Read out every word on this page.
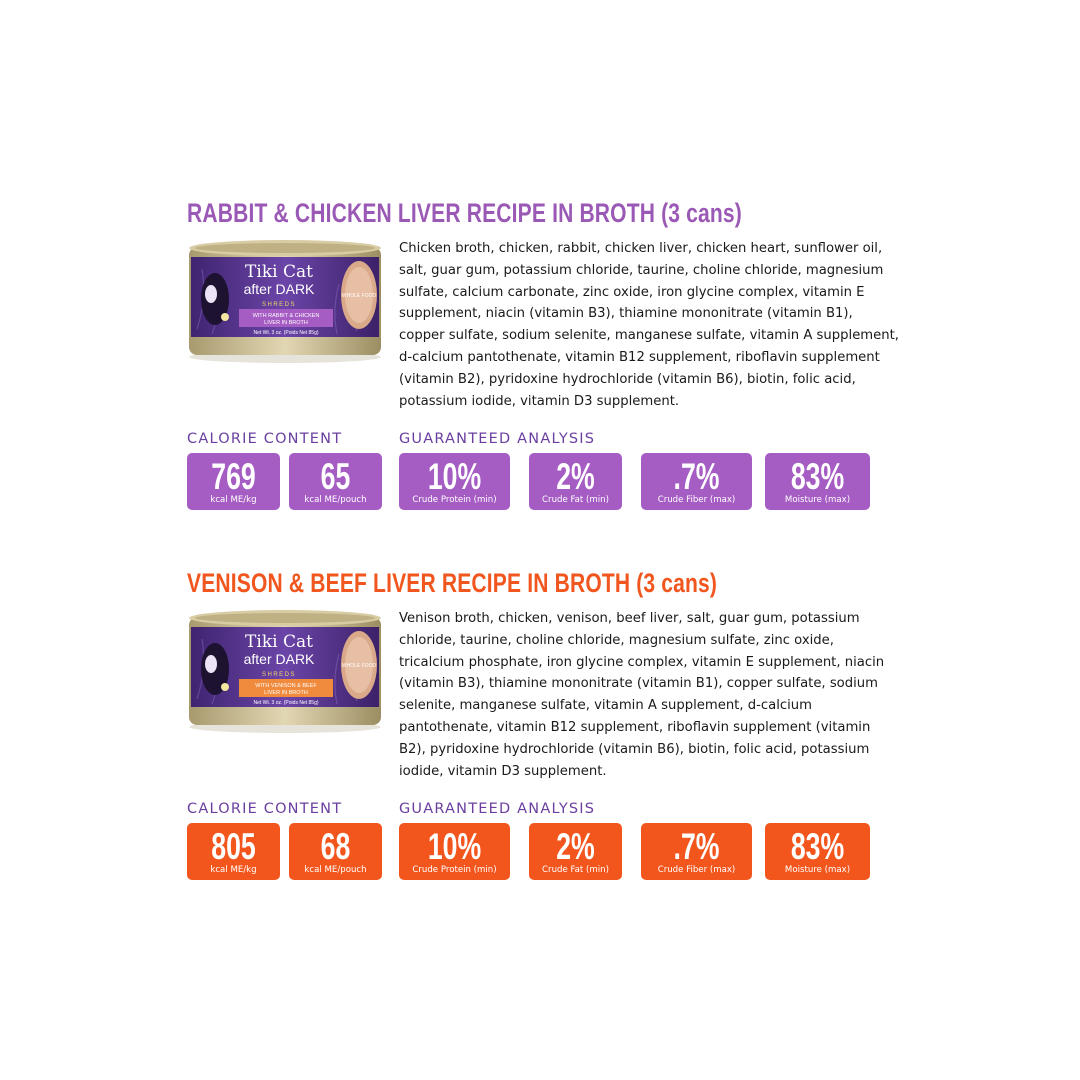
RABBIT & CHICKEN LIVER RECIPE IN BROTH (3 cans)
Tiki Cat
after DARK
SHREDS
WITH RABBIT & CHICKEN
LIVER IN BROTH
Net Wt. 3 oz. (Poids Net 85g)
WHOLE FOOD
Chicken broth, chicken, rabbit, chicken liver, chicken heart, sunflower oil, salt, guar gum, potassium chloride, taurine, choline chloride, magnesium sulfate, calcium carbonate, zinc oxide, iron glycine complex, vitamin E supplement, niacin (vitamin B3), thiamine mononitrate (vitamin B1), copper sulfate, sodium selenite, manganese sulfate, vitamin A supplement, d-calcium pantothenate, vitamin B12 supplement, riboflavin supplement (vitamin B2), pyridoxine hydrochloride (vitamin B6), biotin, folic acid, potassium iodide, vitamin D3 supplement.
CALORIE CONTENT	GUARANTEED ANALYSIS
769
kcal ME/kg
65
kcal ME/pouch
10%
Crude Protein (min)
2%
Crude Fat (min)
.7%
Crude Fiber (max)
83%
Moisture (max)
VENISON & BEEF LIVER RECIPE IN BROTH (3 cans)
Tiki Cat
after DARK
SHREDS
WITH VENISON & BEEF
LIVER IN BROTH
Net Wt. 3 oz. (Poids Net 85g)
WHOLE FOOD
Venison broth, chicken, venison, beef liver, salt, guar gum, potassium chloride, taurine, choline chloride, magnesium sulfate, zinc oxide, tricalcium phosphate, iron glycine complex, vitamin E supplement, niacin (vitamin B3), thiamine mononitrate (vitamin B1), copper sulfate, sodium selenite, manganese sulfate, vitamin A supplement, d-calcium pantothenate, vitamin B12 supplement, riboflavin supplement (vitamin B2), pyridoxine hydrochloride (vitamin B6), biotin, folic acid, potassium iodide, vitamin D3 supplement.
CALORIE CONTENT	GUARANTEED ANALYSIS
805
kcal ME/kg
68
kcal ME/pouch
10%
Crude Protein (min)
2%
Crude Fat (min)
.7%
Crude Fiber (max)
83%
Moisture (max)
